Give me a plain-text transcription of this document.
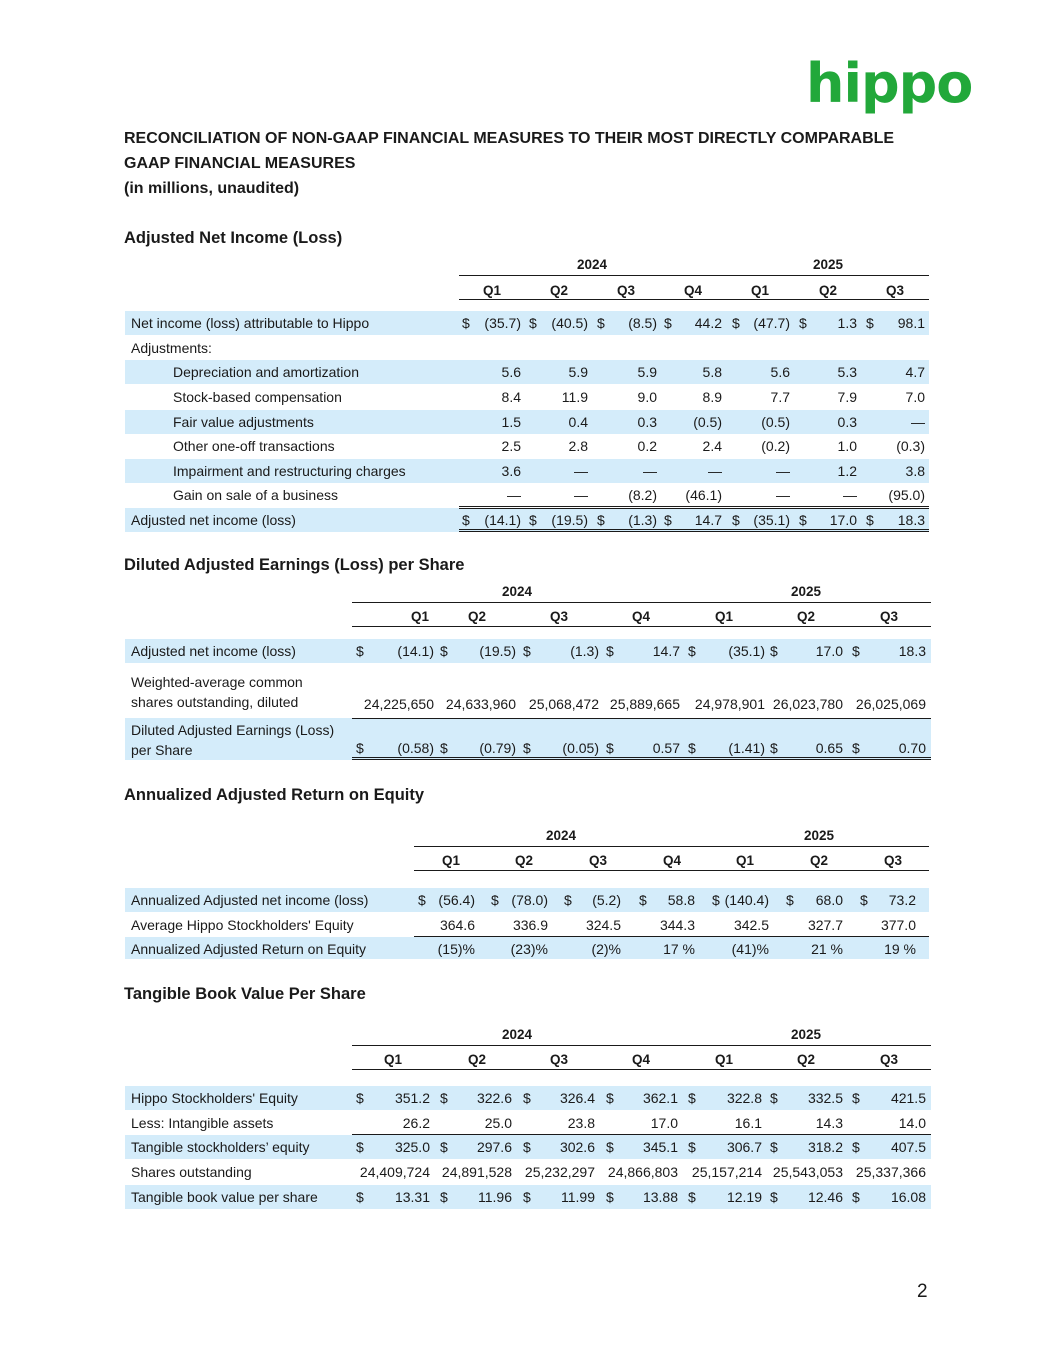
hippo
RECONCILIATION OF NON-GAAP FINANCIAL MEASURES TO THEIR MOST DIRECTLY COMPARABLE
GAAP FINANCIAL MEASURES
(in millions, unaudited)
Adjusted Net Income (Loss)
2024	2025
Q1	Q2	Q3	Q4	Q1	Q2	Q3
Net income (loss) attributable to Hippo	$ (35.7) $ (40.5) $ (8.5) $ 44.2 $ (47.7) $ 1.3 $ 98.1
Adjustments:
Depreciation and amortization	5.6	5.9	5.9	5.8	5.6	5.3	4.7
Stock-based compensation	8.4	11.9	9.0	8.9	7.7	7.9	7.0
Fair value adjustments	1.5	0.4	0.3	(0.5)	(0.5)	0.3	—
Other one-off transactions	2.5	2.8	0.2	2.4	(0.2)	1.0	(0.3)
Impairment and restructuring charges	3.6	—	—	—	—	1.2	3.8
Gain on sale of a business	—	—	(8.2) (46.1)	—	— (95.0)
Adjusted net income (loss)	$ (14.1) $ (19.5) $ (1.3) $ 14.7 $ (35.1) $ 17.0 $ 18.3
Diluted Adjusted Earnings (Loss) per Share
2024	2025
Q1	Q2	Q3	Q4	Q1	Q2	Q3
Adjusted net income (loss)	$ (14.1) $ (19.5) $	(1.3) $	14.7 $ (35.1) $	17.0 $	18.3
Weighted-average common
shares outstanding, diluted	24,225,650 24,633,960 25,068,472 25,889,665 24,978,901 26,023,780 26,025,069
Diluted Adjusted Earnings (Loss)
per Share	$ (0.58) $ (0.79) $ (0.05) $	0.57 $ (1.41) $	0.65 $	0.70
Annualized Adjusted Return on Equity
2024	2025
Q1	Q2	Q3	Q4	Q1	Q2	Q3
Annualized Adjusted net income (loss)	$ (56.4) $ (78.0) $ (5.2) $ 58.8 $ (140.4) $ 68.0 $ 73.2
Average Hippo Stockholders' Equity	364.6	336.9	324.5	344.3	342.5	327.7	377.0
Annualized Adjusted Return on Equity	(15)%	(23)%	(2)%	17 %	(41)%	21 %	19 %
Tangible Book Value Per Share
2024	2025
Q1	Q2	Q3	Q4	Q1	Q2	Q3
Hippo Stockholders' Equity	$ 351.2 $ 322.6 $ 326.4 $ 362.1 $ 322.8 $ 332.5 $ 421.5
Less: Intangible assets	26.2	25.0	23.8	17.0	16.1	14.3	14.0
Tangible stockholders’ equity	$ 325.0 $ 297.6 $ 302.6 $ 345.1 $ 306.7 $ 318.2 $ 407.5
Shares outstanding	24,409,724 24,891,528 25,232,297 24,866,803 25,157,214 25,543,053 25,337,366
Tangible book value per share	$ 13.31 $ 11.96 $ 11.99 $ 13.88 $ 12.19 $ 12.46 $ 16.08
2
